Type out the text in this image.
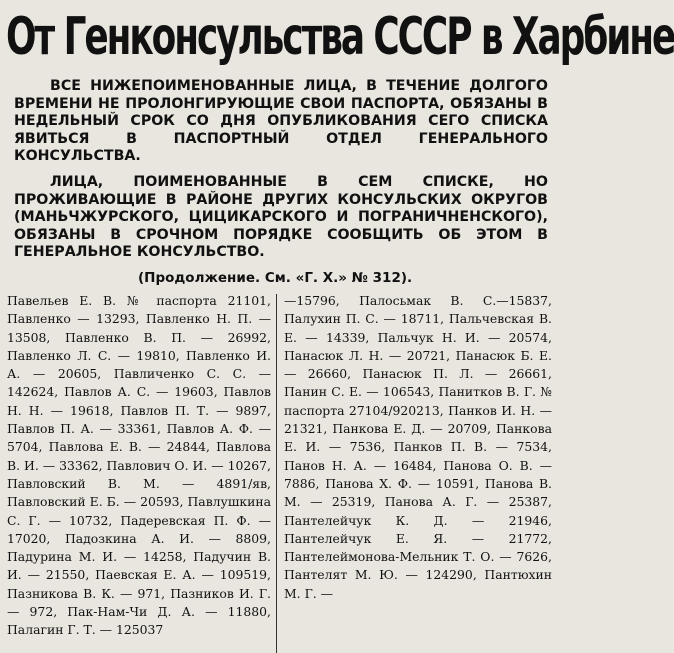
От Генконсульства СССР в Харбине
ВСЕ НИЖЕПОИМЕНОВАННЫЕ ЛИЦА, В ТЕЧЕНИЕ ДОЛГОГО ВРЕМЕНИ НЕ ПРОЛОНГИРУЮЩИЕ СВОИ ПАСПОРТА, ОБЯЗАНЫ В НЕДЕЛЬНЫЙ СРОК СО ДНЯ ОПУБЛИКОВАНИЯ СЕГО СПИСКА ЯВИТЬСЯ В ПАСПОРТНЫЙ ОТДЕЛ ГЕНЕРАЛЬНОГО КОНСУЛЬСТВА.
ЛИЦА, ПОИМЕНОВАННЫЕ В СЕМ СПИСКЕ, НО ПРОЖИВАЮЩИЕ В РАЙОНЕ ДРУГИХ КОНСУЛЬСКИХ ОКРУГОВ (МАНЬЧЖУРСКОГО, ЦИЦИКАРСКОГО И ПОГРАНИЧНЕНСКОГО), ОБЯЗАНЫ В СРОЧНОМ ПОРЯДКЕ СООБЩИТЬ ОБ ЭТОМ В ГЕНЕРАЛЬНОЕ КОНСУЛЬСТВО.
(Продолжение. См. «Г. Х.» № 312).
Павельев Е. В. № паспорта 21101, Павленко — 13293, Павленко Н. П. — 13508, Павленко В. П. — 26992, Павленко Л. С. — 19810, Павленко И. А. — 20605, Павличенко С. С. — 142624, Павлов А. С. — 19603, Павлов Н. Н. — 19618, Павлов П. Т. — 9897, Павлов П. А. — 33361, Павлов А. Ф. — 5704, Павлова Е. В. — 24844, Павлова В. И. — 33362, Павлович О. И. — 10267, Павловский В. М. — 4891/яв, Павловский Е. Б. — 20593, Павлушкина С. Г. — 10732, Падеревская П. Ф. — 17020, Падозкина А. И. — 8809, Падурина М. И. — 14258, Падучин В. И. — 21550, Паевская Е. А. — 109519, Пазникова В. К. — 971, Пазников И. Г. — 972, Пак-Нам-Чи Д. А. — 11880, Палагин Г. Т. — 125037
—15796, Палосьмак В. С.—15837, Палухин П. С. — 18711, Пальчевская В. Е. — 14339, Пальчук Н. И. — 20574, Панасюк Л. Н. — 20721, Панасюк Б. Е. — 26660, Панасюк П. Л. — 26661, Панин С. Е. — 106543, Панитков В. Г. № паспорта 27104/920213, Панков И. Н. — 21321, Панкова Е. Д. — 20709, Панкова Е. И. — 7536, Панков П. В. — 7534, Панов Н. А. — 16484, Панова О. В. — 7886, Панова Х. Ф. — 10591, Панова В. М. — 25319, Панова А. Г. — 25387, Пантелейчук К. Д. — 21946, Пантелейчук Е. Я. — 21772, Пантелеймонова-Мельник Т. О. — 7626, Пантелят М. Ю. — 124290, Пантюхин М. Г. —
